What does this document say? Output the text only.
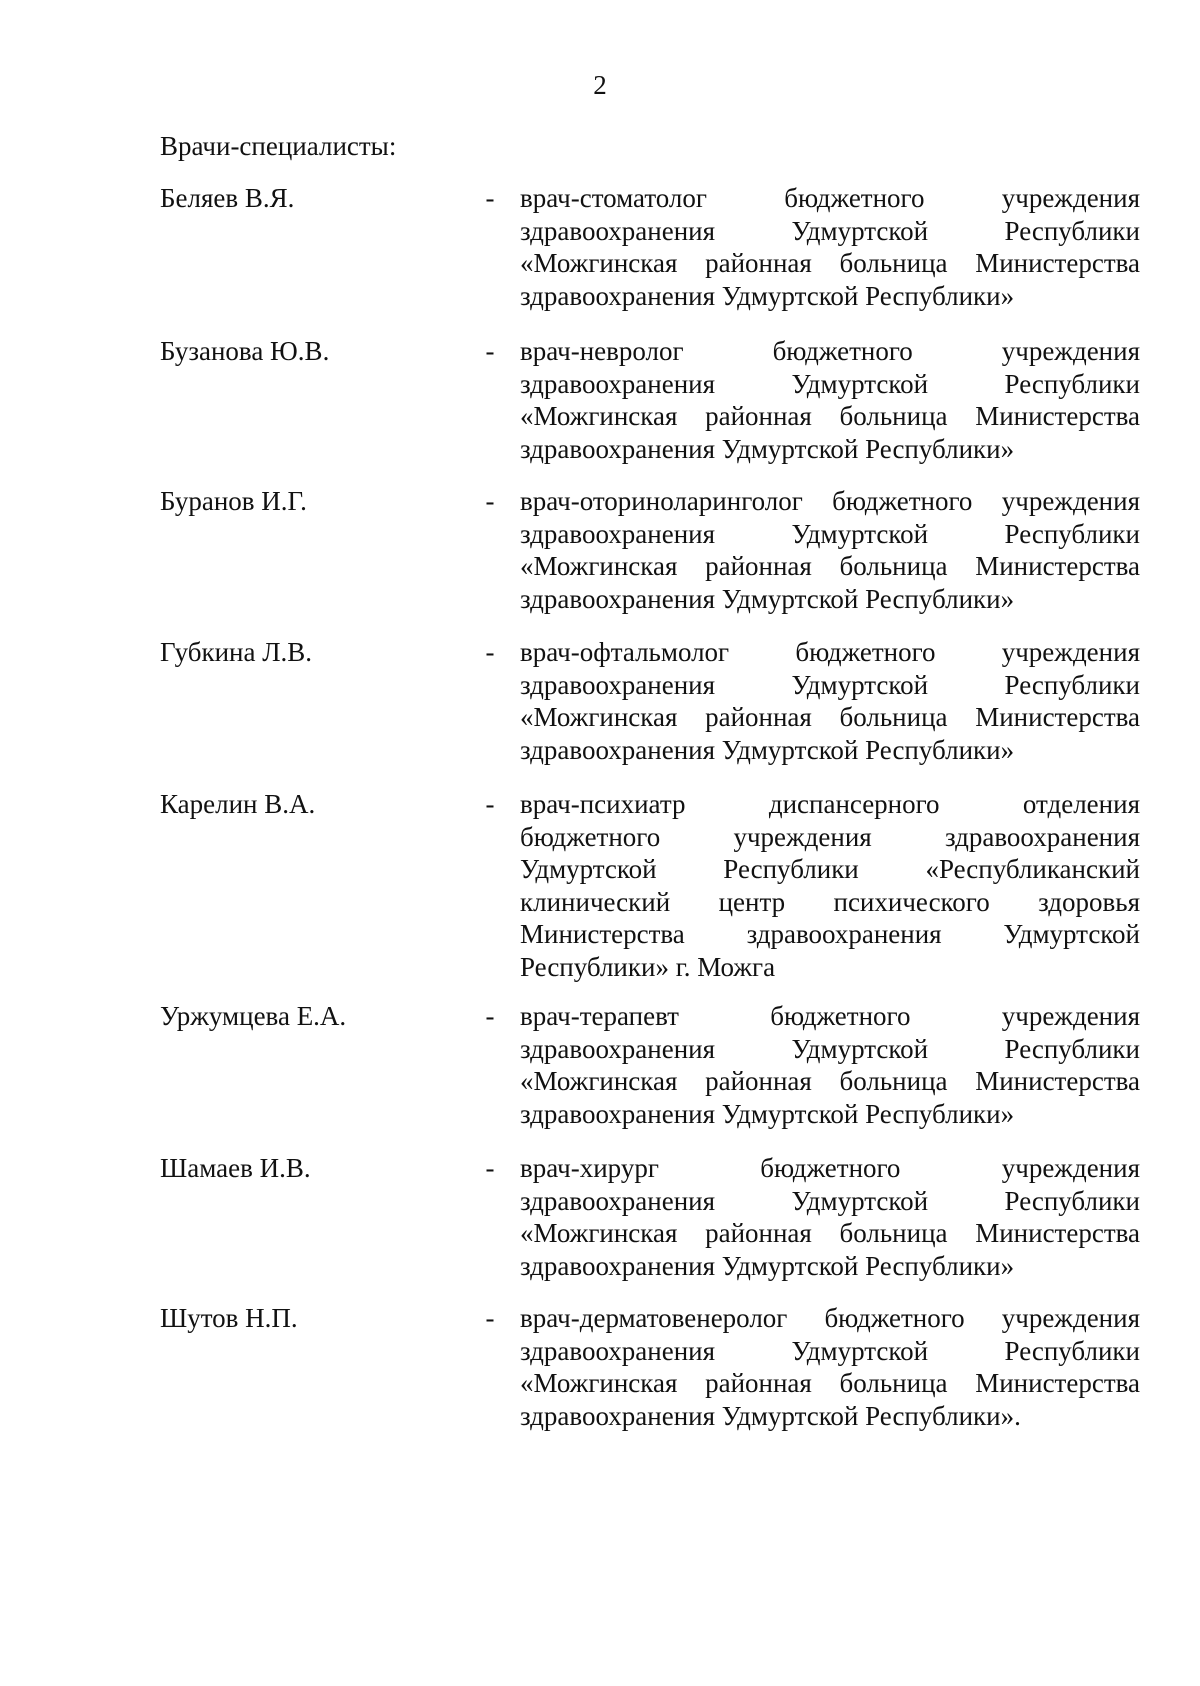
2
Врачи-специалисты:
Беляев В.Я.	- врач-стоматолог бюджетного учреждения
здравоохранения Удмуртской Республики
«Можгинская районная больница Министерства
здравоохранения Удмуртской Республики»
Бузанова Ю.В.	- врач-невролог бюджетного учреждения
здравоохранения Удмуртской Республики
«Можгинская районная больница Министерства
здравоохранения Удмуртской Республики»
Буранов И.Г.	- врач-оториноларинголог бюджетного учреждения
здравоохранения Удмуртской Республики
«Можгинская районная больница Министерства
здравоохранения Удмуртской Республики»
Губкина Л.В.	- врач-офтальмолог бюджетного учреждения
здравоохранения Удмуртской Республики
«Можгинская районная больница Министерства
здравоохранения Удмуртской Республики»
Карелин В.А.	- врач-психиатр диспансерного отделения
бюджетного учреждения здравоохранения
Удмуртской Республики «Республиканский
клинический центр психического здоровья
Министерства здравоохранения Удмуртской
Республики» г. Можга
Уржумцева Е.А.	- врач-терапевт бюджетного учреждения
здравоохранения Удмуртской Республики
«Можгинская районная больница Министерства
здравоохранения Удмуртской Республики»
Шамаев И.В.	- врач-хирург бюджетного учреждения
здравоохранения Удмуртской Республики
«Можгинская районная больница Министерства
здравоохранения Удмуртской Республики»
Шутов Н.П.	- врач-дерматовенеролог бюджетного учреждения
здравоохранения Удмуртской Республики
«Можгинская районная больница Министерства
здравоохранения Удмуртской Республики».
